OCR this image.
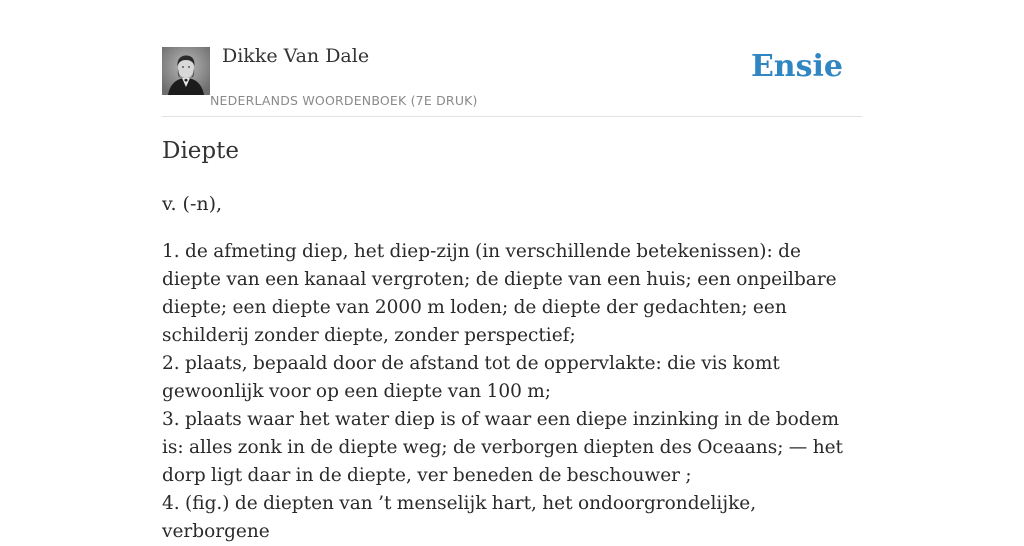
Dikke Van Dale
NEDERLANDS WOORDENBOEK (7E DRUK)
Ensie
Diepte

v. (-n),

1. de afmeting diep, het diep-zijn (in verschillende betekenissen): de diepte van een kanaal vergroten; de diepte van een huis; een onpeilbare diepte; een diepte van 2000 m loden; de diepte der gedachten; een schilderij zonder diepte, zonder perspectief;
2. plaats, bepaald door de afstand tot de oppervlakte: die vis komt gewoonlijk voor op een diepte van 100 m;
3. plaats waar het water diep is of waar een diepe inzinking in de bodem is: alles zonk in de diepte weg; de verborgen diepten des Oceaans; — het dorp ligt daar in de diepte, ver beneden de beschouwer ;
4. (fig.) de diepten van ’t menselijk hart, het ondoorgrondelijke, verborgene
